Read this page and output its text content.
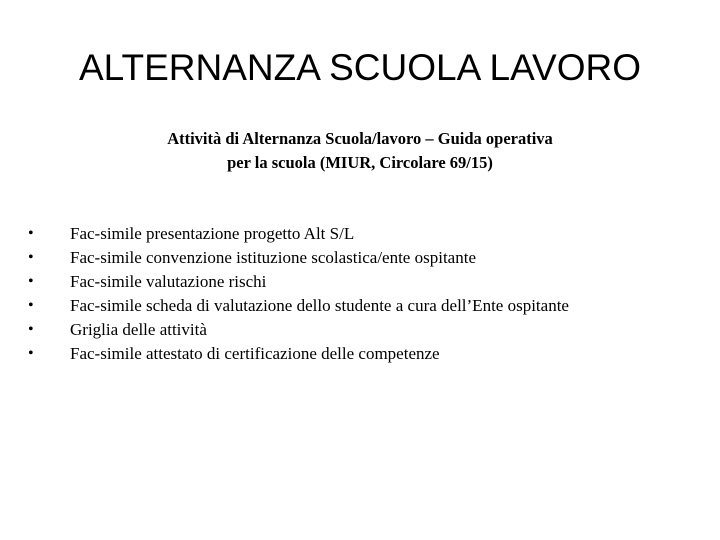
ALTERNANZA SCUOLA LAVORO

Attività di Alternanza Scuola/lavoro – Guida operativa
per la scuola (MIUR, Circolare 69/15)

•	Fac-simile presentazione progetto Alt S/L
•	Fac-simile convenzione istituzione scolastica/ente ospitante
•	Fac-simile valutazione rischi
•	Fac-simile scheda di valutazione dello studente a cura dell’Ente ospitante
•	Griglia delle attività
•	Fac-simile attestato di certificazione delle competenze
